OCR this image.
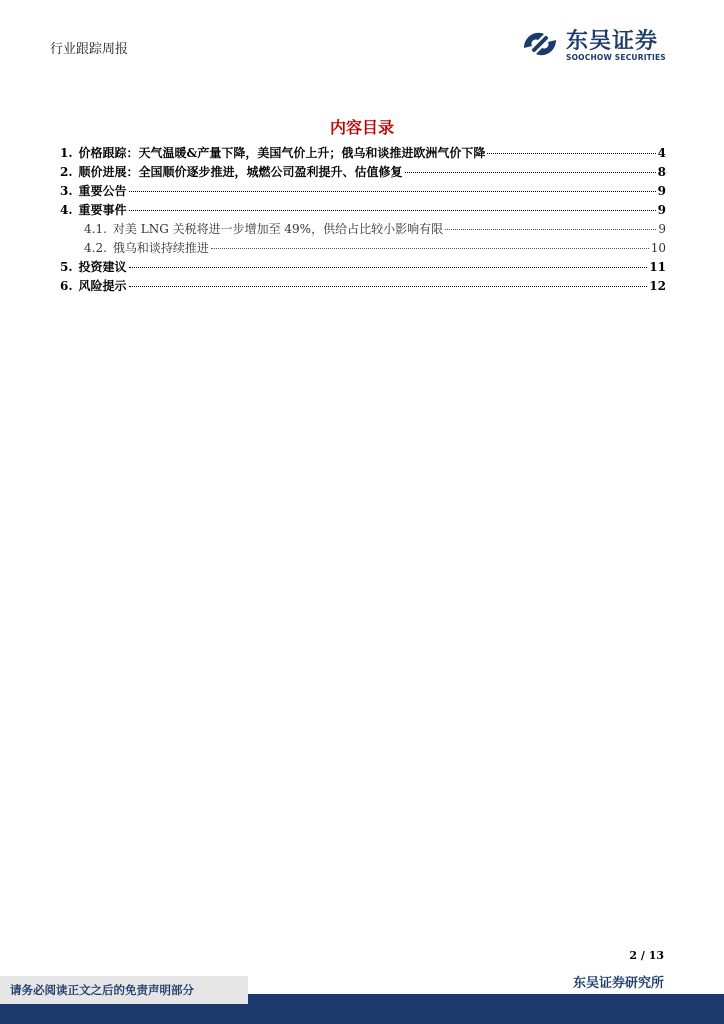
行业跟踪周报	东吴证券
SOOCHOW SECURITIES
内容目录
1. 价格跟踪：天气温暖&产量下降，美国气价上升；俄乌和谈推进欧洲气价下降	4
2. 顺价进展：全国顺价逐步推进，城燃公司盈利提升、估值修复	8
3. 重要公告	9
4. 重要事件	9
4.1. 对美 LNG 关税将进一步增加至 49%，供给占比较小影响有限	9
4.2. 俄乌和谈持续推进	10
5. 投资建议	11
6. 风险提示	12
2 / 13
东吴证券研究所
请务必阅读正文之后的免责声明部分
